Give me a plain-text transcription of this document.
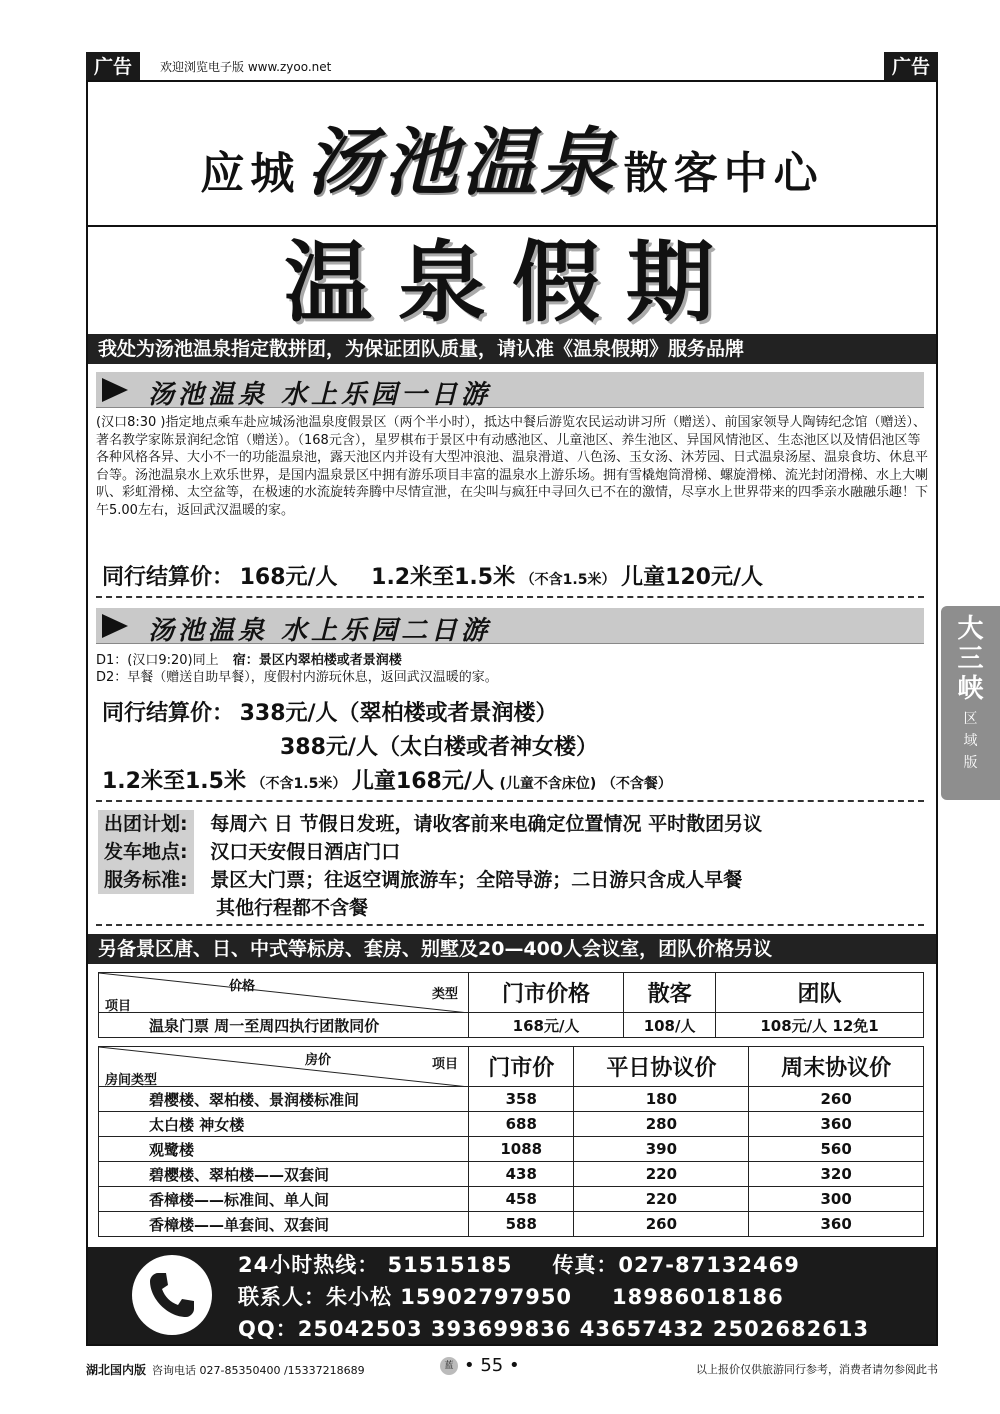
广告	欢迎浏览电子版 www.zyoo.net	广告
应城 汤池温泉 散客中心
温泉假期
我处为汤池温泉指定散拼团，为保证团队质量，请认准《温泉假期》服务品牌
汤池温泉 水上乐园一日游
(汉口8:30 )指定地点乘车赴应城汤池温泉度假景区（两个半小时），抵达中餐后游览农民运动讲习所（赠送）、前国家领导人陶铸纪念馆（赠送）、著名教学家陈景润纪念馆（赠送）。（168元含），星罗棋布于景区中有动感池区、儿童池区、养生池区、异国风情池区、生态池区以及情侣池区等各种风格各异、大小不一的功能温泉池，露天池区内并设有大型冲浪池、温泉滑道、八色汤、玉女汤、沐芳园、日式温泉汤屋、温泉食坊、休息平台等。汤池温泉水上欢乐世界，是国内温泉景区中拥有游乐项目丰富的温泉水上游乐场。拥有雪橇炮筒滑梯、螺旋滑梯、流光封闭滑梯、水上大喇叭、彩虹滑梯、太空盆等，在极速的水流旋转奔腾中尽情宣泄，在尖叫与疯狂中寻回久已不在的激情，尽享水上世界带来的四季亲水融融乐趣！下午5.00左右，返回武汉温暖的家。
同行结算价： 168元/人 1.2米至1.5米 （不含1.5米） 儿童120元/人
汤池温泉 水上乐园二日游
D1：(汉口9:20)同上 宿：景区内翠柏楼或者景润楼
D2：早餐（赠送自助早餐），度假村内游玩休息，返回武汉温暖的家。
同行结算价： 338元/人（翠柏楼或者景润楼）
388元/人（太白楼或者神女楼）
1.2米至1.5米 （不含1.5米） 儿童168元/人 (儿童不含床位) （不含餐）
出团计划: 每周六 日 节假日发班，请收客前来电确定位置情况 平时散团另议
发车地点: 汉口天安假日酒店门口
服务标准: 景区大门票；往返空调旅游车；全陪导游；二日游只含成人早餐
其他行程都不含餐
另备景区唐、日、中式等标房、套房、别墅及20—400人会议室，团队价格另议
价格
类型
项目	门市价格	散客	团队
温泉门票 周一至周四执行团散同价	168元/人	108/人	108元/人 12免1
房价 项目
房间类型	门市价	平日协议价	周末协议价
碧樱楼、翠柏楼、景润楼标准间	358	180	260
太白楼 神女楼	688	280	360
观鹭楼	1088	390	560
碧樱楼、翠柏楼——双套间	438	220	320
香樟楼——标准间、单人间	458	220	300
香樟楼——单套间、双套间	588	260	360
24小时热线： 51515185 传真：027-87132469
联系人：朱小松 15902797950 18986018186
QQ：25042503 393699836 43657432 2502682613
湖北国内版 咨询电话 027-85350400 /15337218689	蓝 • 55 •	以上报价仅供旅游同行参考，消费者请勿参阅此书
大
三
峡
区
域
版
